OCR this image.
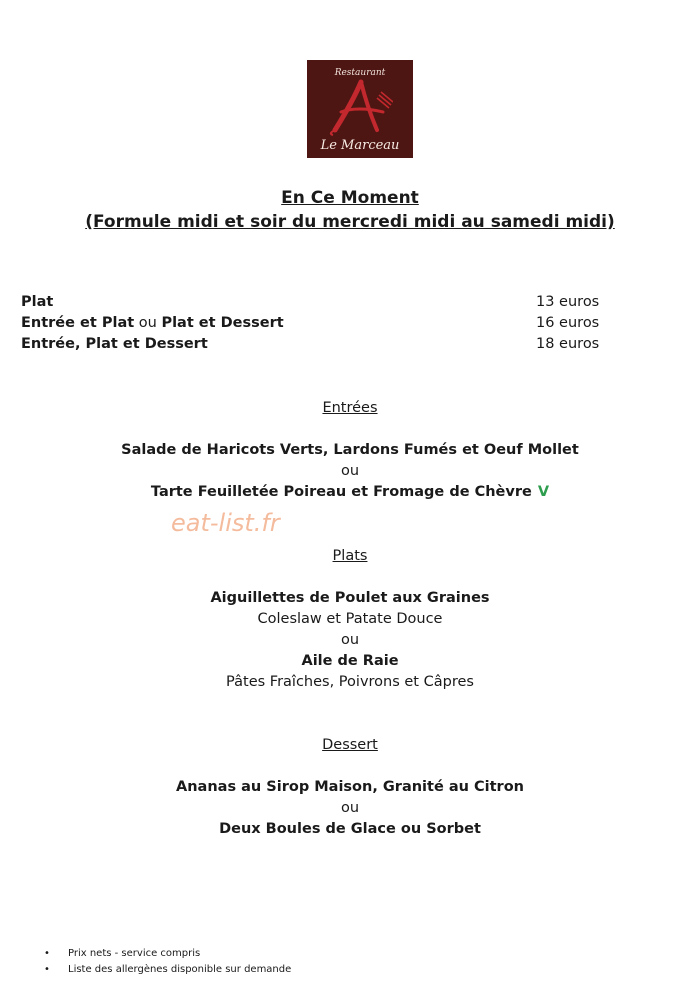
Restaurant
Le Marceau
En Ce Moment
(Formule midi et soir du mercredi midi au samedi midi)
Plat	13 euros
Entrée et Plat ou Plat et Dessert	16 euros
Entrée, Plat et Dessert	18 euros
Entrées
Salade de Haricots Verts, Lardons Fumés et Oeuf Mollet
ou
Tarte Feuilletée Poireau et Fromage de Chèvre V
eat-list.fr
Plats
Aiguillettes de Poulet aux Graines
Coleslaw et Patate Douce
ou
Aile de Raie
Pâtes Fraîches, Poivrons et Câpres
Dessert
Ananas au Sirop Maison, Granité au Citron
ou
Deux Boules de Glace ou Sorbet
• Prix nets - service compris
• Liste des allergènes disponible sur demande
